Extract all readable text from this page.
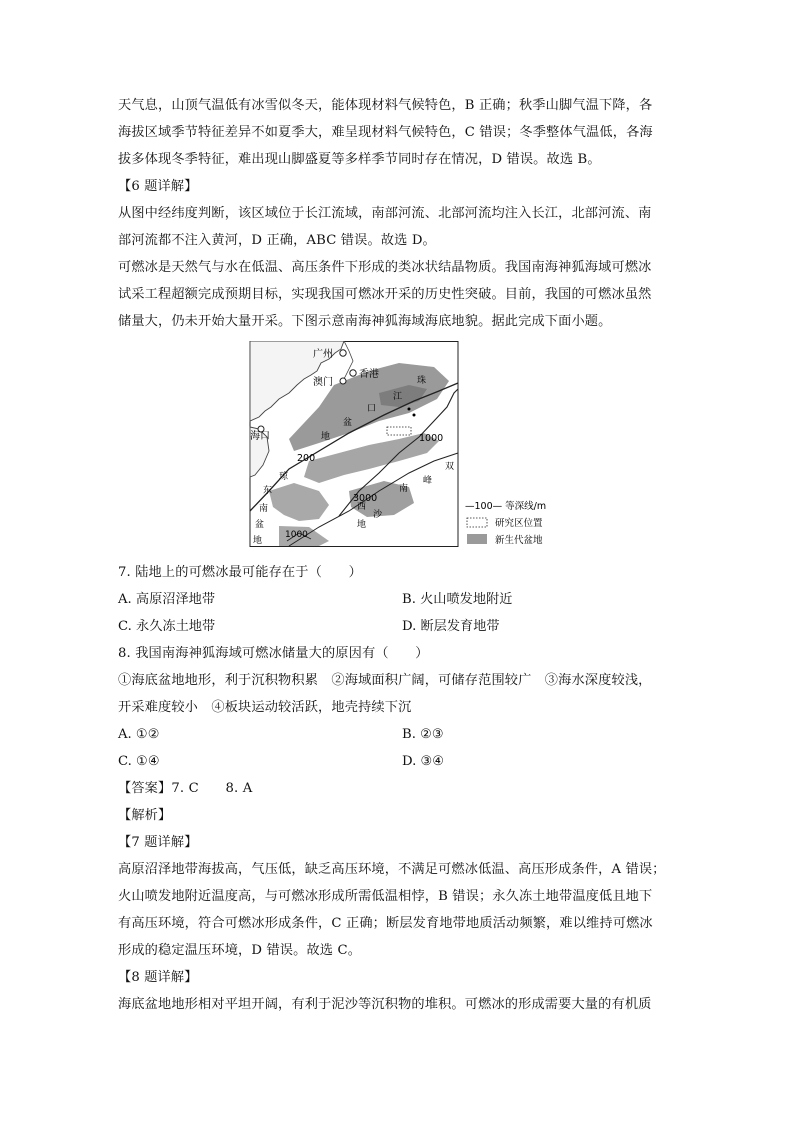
天气息，山顶气温低有冰雪似冬天，能体现材料气候特色，B 正确；秋季山脚气温下降，各

海拔区域季节特征差异不如夏季大，难呈现材料气候特色，C 错误；冬季整体气温低，各海

拔多体现冬季特征，难出现山脚盛夏等多样季节同时存在情况，D 错误。故选 B。

【6 题详解】

从图中经纬度判断，该区域位于长江流域，南部河流、北部河流均注入长江，北部河流、南

部河流都不注入黄河，D 正确，ABC 错误。故选 D。

可燃冰是天然气与水在低温、高压条件下形成的类冰状结晶物质。我国南海神狐海域可燃冰

试采工程超额完成预期目标，实现我国可燃冰开采的历史性突破。目前，我国的可燃冰虽然

储量大，仍未开始大量开采。下图示意南海神狐海域海底地貌。据此完成下面小题。

广州
香港
澳门
海口
200
1000
3000
1000
珠
江
口
盆
地
琼
东
南
盆
地
西
沙
双
峰
南
地
—100— 等深线/m
研究区位置
新生代盆地

7. 陆地上的可燃冰最可能存在于（　　）

A. 高原沼泽地带	B. 火山喷发地附近
C. 永久冻土地带	D. 断层发育地带

8. 我国南海神狐海域可燃冰储量大的原因有（　　）

①海底盆地地形，利于沉积物积累　②海域面积广阔，可储存范围较广　③海水深度较浅，

开采难度较小　④板块运动较活跃，地壳持续下沉

A. ①②	B. ②③
C. ①④	D. ③④

【答案】7. C　　8. A

【解析】

【7 题详解】

高原沼泽地带海拔高，气压低，缺乏高压环境，不满足可燃冰低温、高压形成条件，A 错误；

火山喷发地附近温度高，与可燃冰形成所需低温相悖，B 错误；永久冻土地带温度低且地下

有高压环境，符合可燃冰形成条件，C 正确；断层发育地带地质活动频繁，难以维持可燃冰

形成的稳定温压环境，D 错误。故选 C。

【8 题详解】

海底盆地地形相对平坦开阔，有利于泥沙等沉积物的堆积。可燃冰的形成需要大量的有机质
